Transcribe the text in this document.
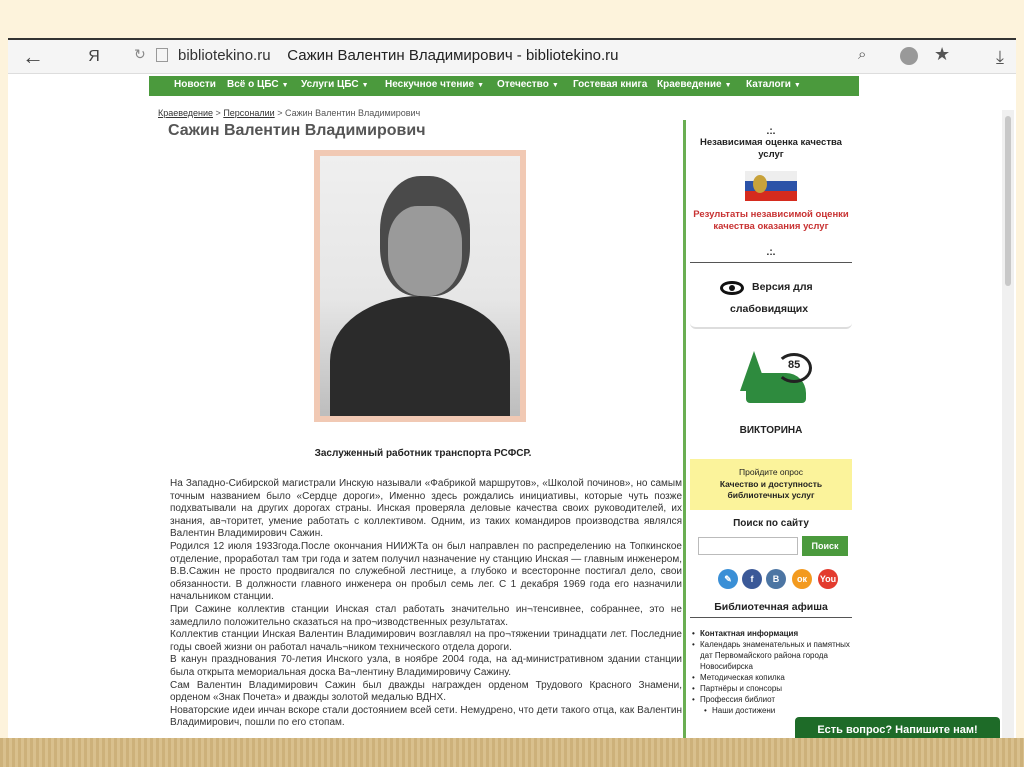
←	Я	↻ bibliotekino.ru Сажин Валентин Владимирович - bibliotekino.ru	⌕	★	⤓
Новости Всё о ЦБС ▼ Услуги ЦБС ▼ Нескучное чтение ▼ Отечество ▼ Гостевая книга Краеведение ▼ Каталоги ▼
Краеведение > Персоналии > Сажин Валентин Владимирович
Сажин Валентин Владимирович
Заслуженный работник транспорта РСФСР.

На Западно-Сибирской магистрали Инскую называли «Фабрикой маршрутов», «Школой починов», но самым точным названием было «Сердце дороги», Именно здесь рождались инициативы, которые чуть позже подхватывали на других дорогах страны. Инская проверяла деловые качества своих руководителей, их знания, ав¬торитет, умение работать с коллективом. Одним, из таких командиров производства являлся Валентин Владимирович Сажин.

Родился 12 июля 1933года.После окончания НИИЖТа он был направлен по распределению на Топкинское отделение, проработал там три года и затем получил назначение ну станцию Инская — главным инженером, В.В.Сажин не просто продвигался по служебной лестнице, а глубоко и всесторонне постигал дело, свои обязанности. В должности главного инженера он пробыл семь лег. С 1 декабря 1969 года его назначили начальником станции.

При Сажине коллектив станции Инская стал работать значительно ин¬тенсивнее, собраннее, это не замедлило положительно сказаться на про¬изводственных результатах.

Коллектив станции Инская Валентин Владимирович возглавлял на про¬тяжении тринадцати лет. Последние годы своей жизни он работал началь¬ником технического отдела дороги.

В канун празднования 70-летия Инского узла, в ноябре 2004 года, на ад-министративном здании станции была открыта мемориальная доска Ва¬лентину Владимировичу Сажину.

Сам Валентин Владимирович Сажин был дважды награжден орденом Трудового Красного Знамени, орденом «Знак Почета» и дважды золотой медалью ВДНХ.

Новаторские идеи инчан вскоре стали достоянием всей сети. Немудрено, что дети такого отца, как Валентин Владимирович, пошли по его стопам.

.:.
Независимая оценка качества услуг
Результаты независимой оценки качества оказания услуг
.:.
Версия для
слабовидящих
85
ВИКТОРИНА
Пройдите опрос
Качество и доступность библиотечных услуг
Поиск по сайту
Поиск
✎	f	В	ок	You
Библиотечная афиша
• Контактная информация
• Календарь знаменательных и памятных дат Первомайского района города Новосибирска
• Методическая копилка
• Партнёры и спонсоры
• Профессия библиот
• Наши достижени
Есть вопрос? Напишите нам!
